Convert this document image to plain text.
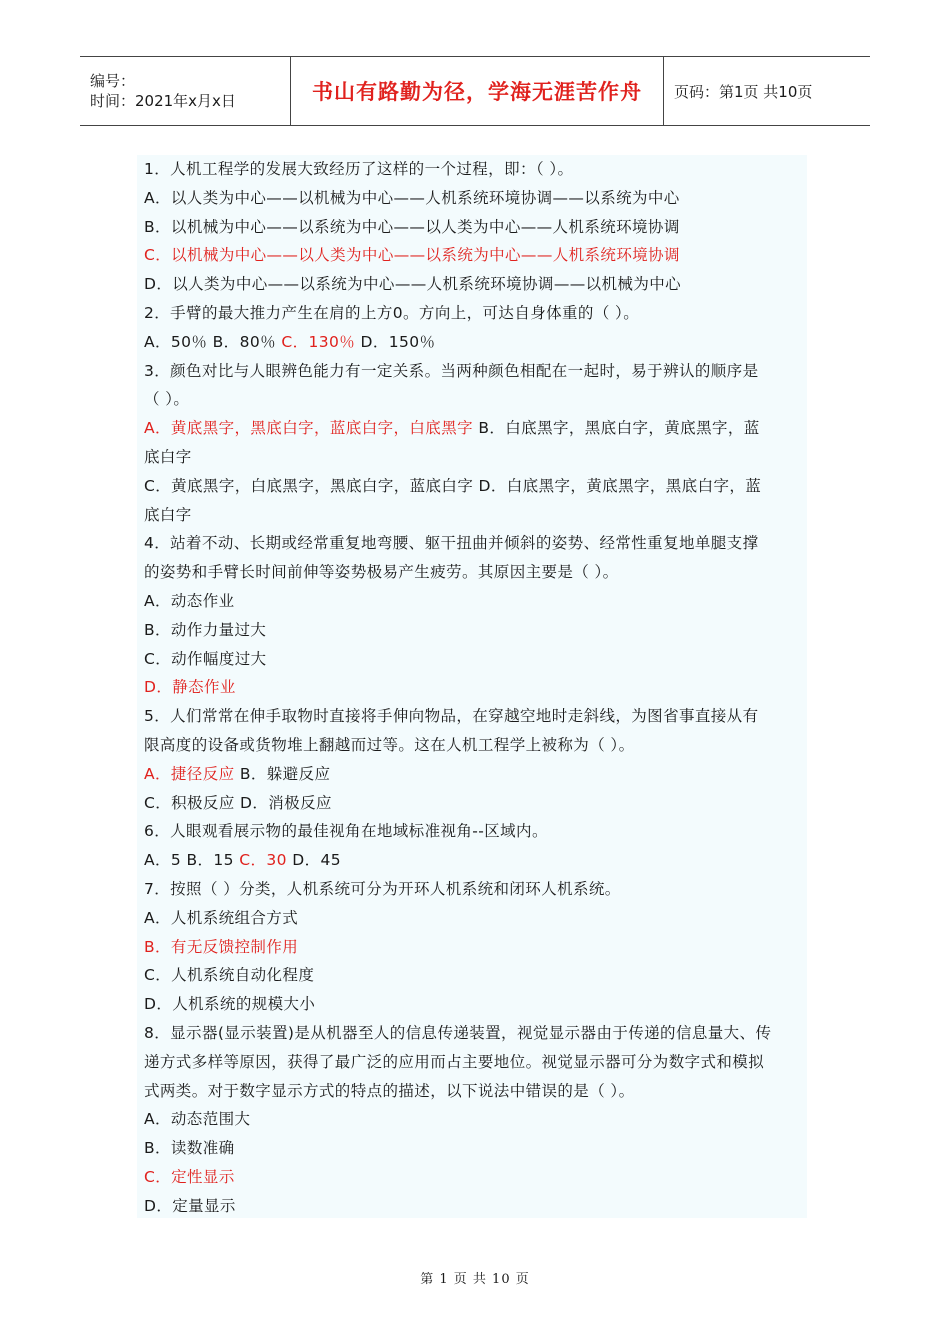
编号：
时间：2021年x月x日	书山有路勤为径，学海无涯苦作舟 页码：第1页 共10页
1．人机工程学的发展大致经历了这样的一个过程，即：（ ）。
A．以人类为中心——以机械为中心——人机系统环境协调——以系统为中心
B．以机械为中心——以系统为中心——以人类为中心——人机系统环境协调
C．以机械为中心——以人类为中心——以系统为中心——人机系统环境协调
D．以人类为中心——以系统为中心——人机系统环境协调——以机械为中心
2．手臂的最大推力产生在肩的上方0。方向上，可达自身体重的（ ）。
A．50％ B．80％ C．130％ D．150％
3．颜色对比与人眼辨色能力有一定关系。当两种颜色相配在一起时，易于辨认的顺序是
（ ）。
A．黄底黑字，黑底白字，蓝底白字，白底黑字 B．白底黑字，黑底白字，黄底黑字，蓝
底白字
C．黄底黑字，白底黑字，黑底白字，蓝底白字 D．白底黑字，黄底黑字，黑底白字，蓝
底白字
4．站着不动、长期或经常重复地弯腰、躯干扭曲并倾斜的姿势、经常性重复地单腿支撑
的姿势和手臂长时间前伸等姿势极易产生疲劳。其原因主要是（ ）。
A．动态作业
B．动作力量过大
C．动作幅度过大
D．静态作业
5．人们常常在伸手取物时直接将手伸向物品，在穿越空地时走斜线，为图省事直接从有
限高度的设备或货物堆上翻越而过等。这在人机工程学上被称为（ ）。
A．捷径反应 B．躲避反应
C．积极反应 D．消极反应
6．人眼观看展示物的最佳视角在地域标准视角--区域内。
A．5 B．15 C．30 D．45
7．按照（ ）分类，人机系统可分为开环人机系统和闭环人机系统。
A．人机系统组合方式
B．有无反馈控制作用
C．人机系统自动化程度
D．人机系统的规模大小
8．显示器(显示装置)是从机器至人的信息传递装置，视觉显示器由于传递的信息量大、传
递方式多样等原因，获得了最广泛的应用而占主要地位。视觉显示器可分为数字式和模拟
式两类。对于数字显示方式的特点的描述，以下说法中错误的是（ ）。
A．动态范围大
B．读数准确
C．定性显示
D．定量显示
第 1 页 共 10 页
